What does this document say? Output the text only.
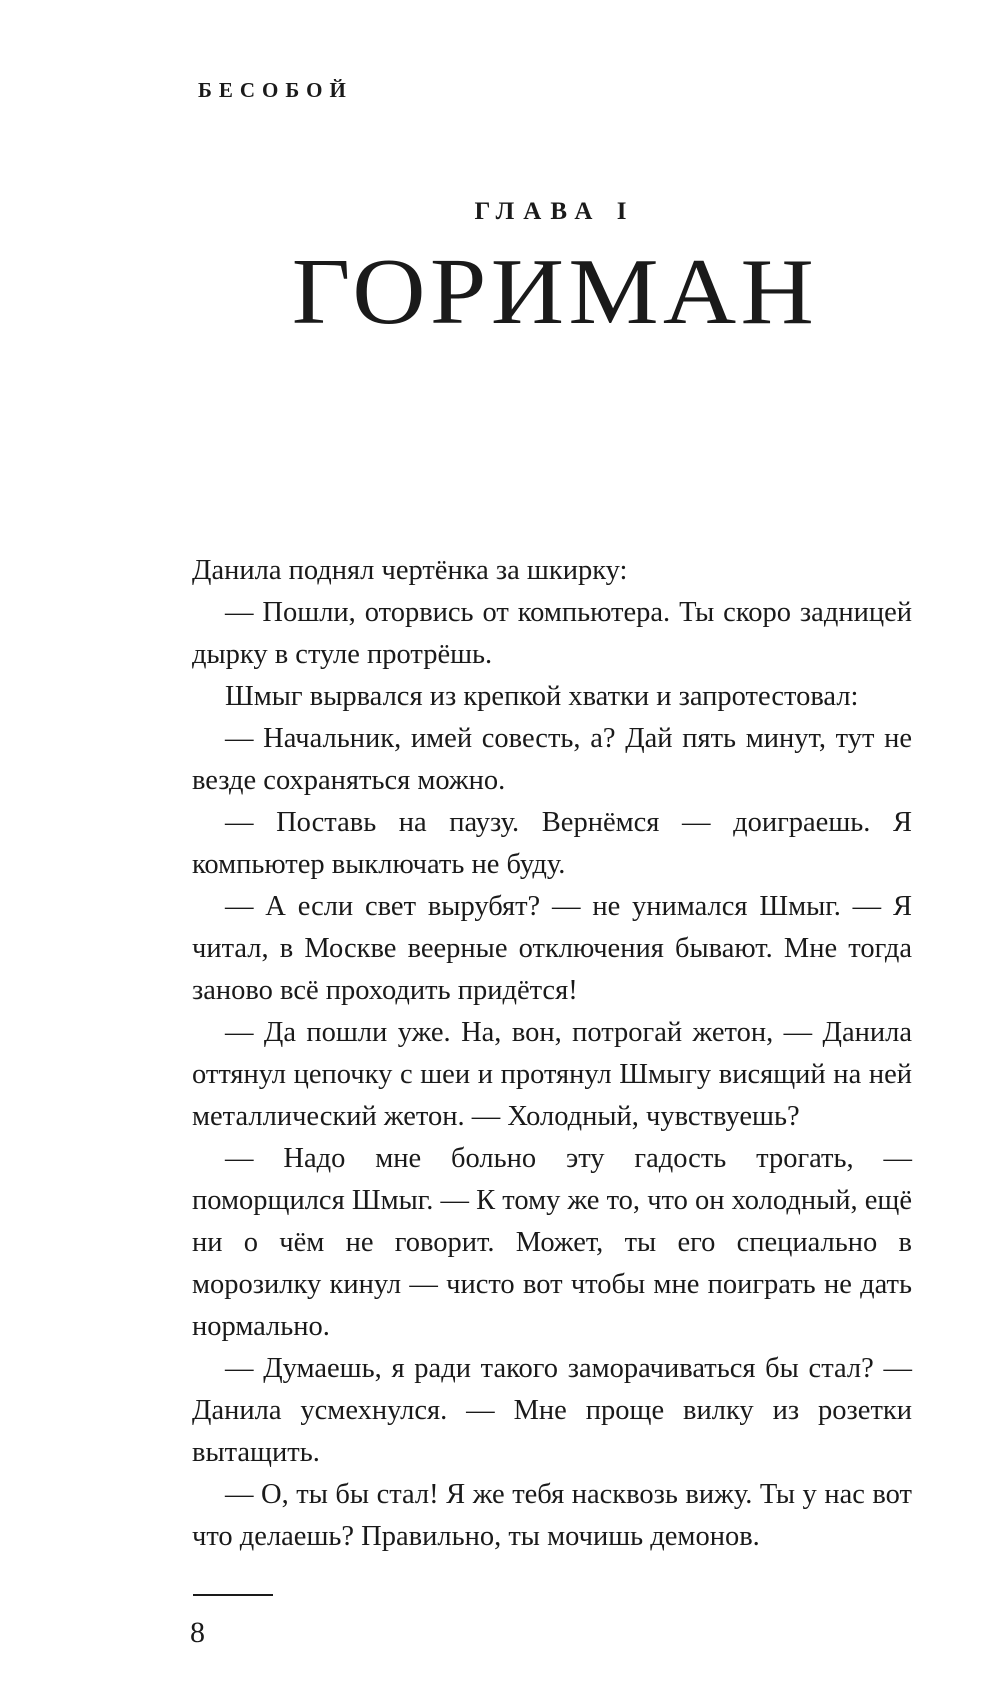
БЕСОБОЙ
ГЛАВА I
ГОРИМАН

Данила поднял чертёнка за шкирку:

— Пошли, оторвись от компьютера. Ты скоро задницей дырку в стуле протрёшь.

Шмыг вырвался из крепкой хватки и запротестовал:

— Начальник, имей совесть, а? Дай пять минут, тут не везде сохраняться можно.

— Поставь на паузу. Вернёмся — доиграешь. Я компьютер выключать не буду.

— А если свет вырубят? — не унимался Шмыг. — Я читал, в Москве веерные отключения бывают. Мне тогда заново всё проходить придётся!

— Да пошли уже. На, вон, потрогай жетон, — Данила оттянул цепочку с шеи и протянул Шмыгу висящий на ней металлический жетон. — Холодный, чувствуешь?

— Надо мне больно эту гадость трогать, — поморщился Шмыг. — К тому же то, что он холодный, ещё ни о чём не говорит. Может, ты его специально в морозилку кинул — чисто вот чтобы мне поиграть не дать нормально.

— Думаешь, я ради такого заморачиваться бы стал? — Данила усмехнулся. — Мне проще вилку из розетки вытащить.

— О, ты бы стал! Я же тебя насквозь вижу. Ты у нас вот что делаешь? Правильно, ты мочишь демонов.

8
